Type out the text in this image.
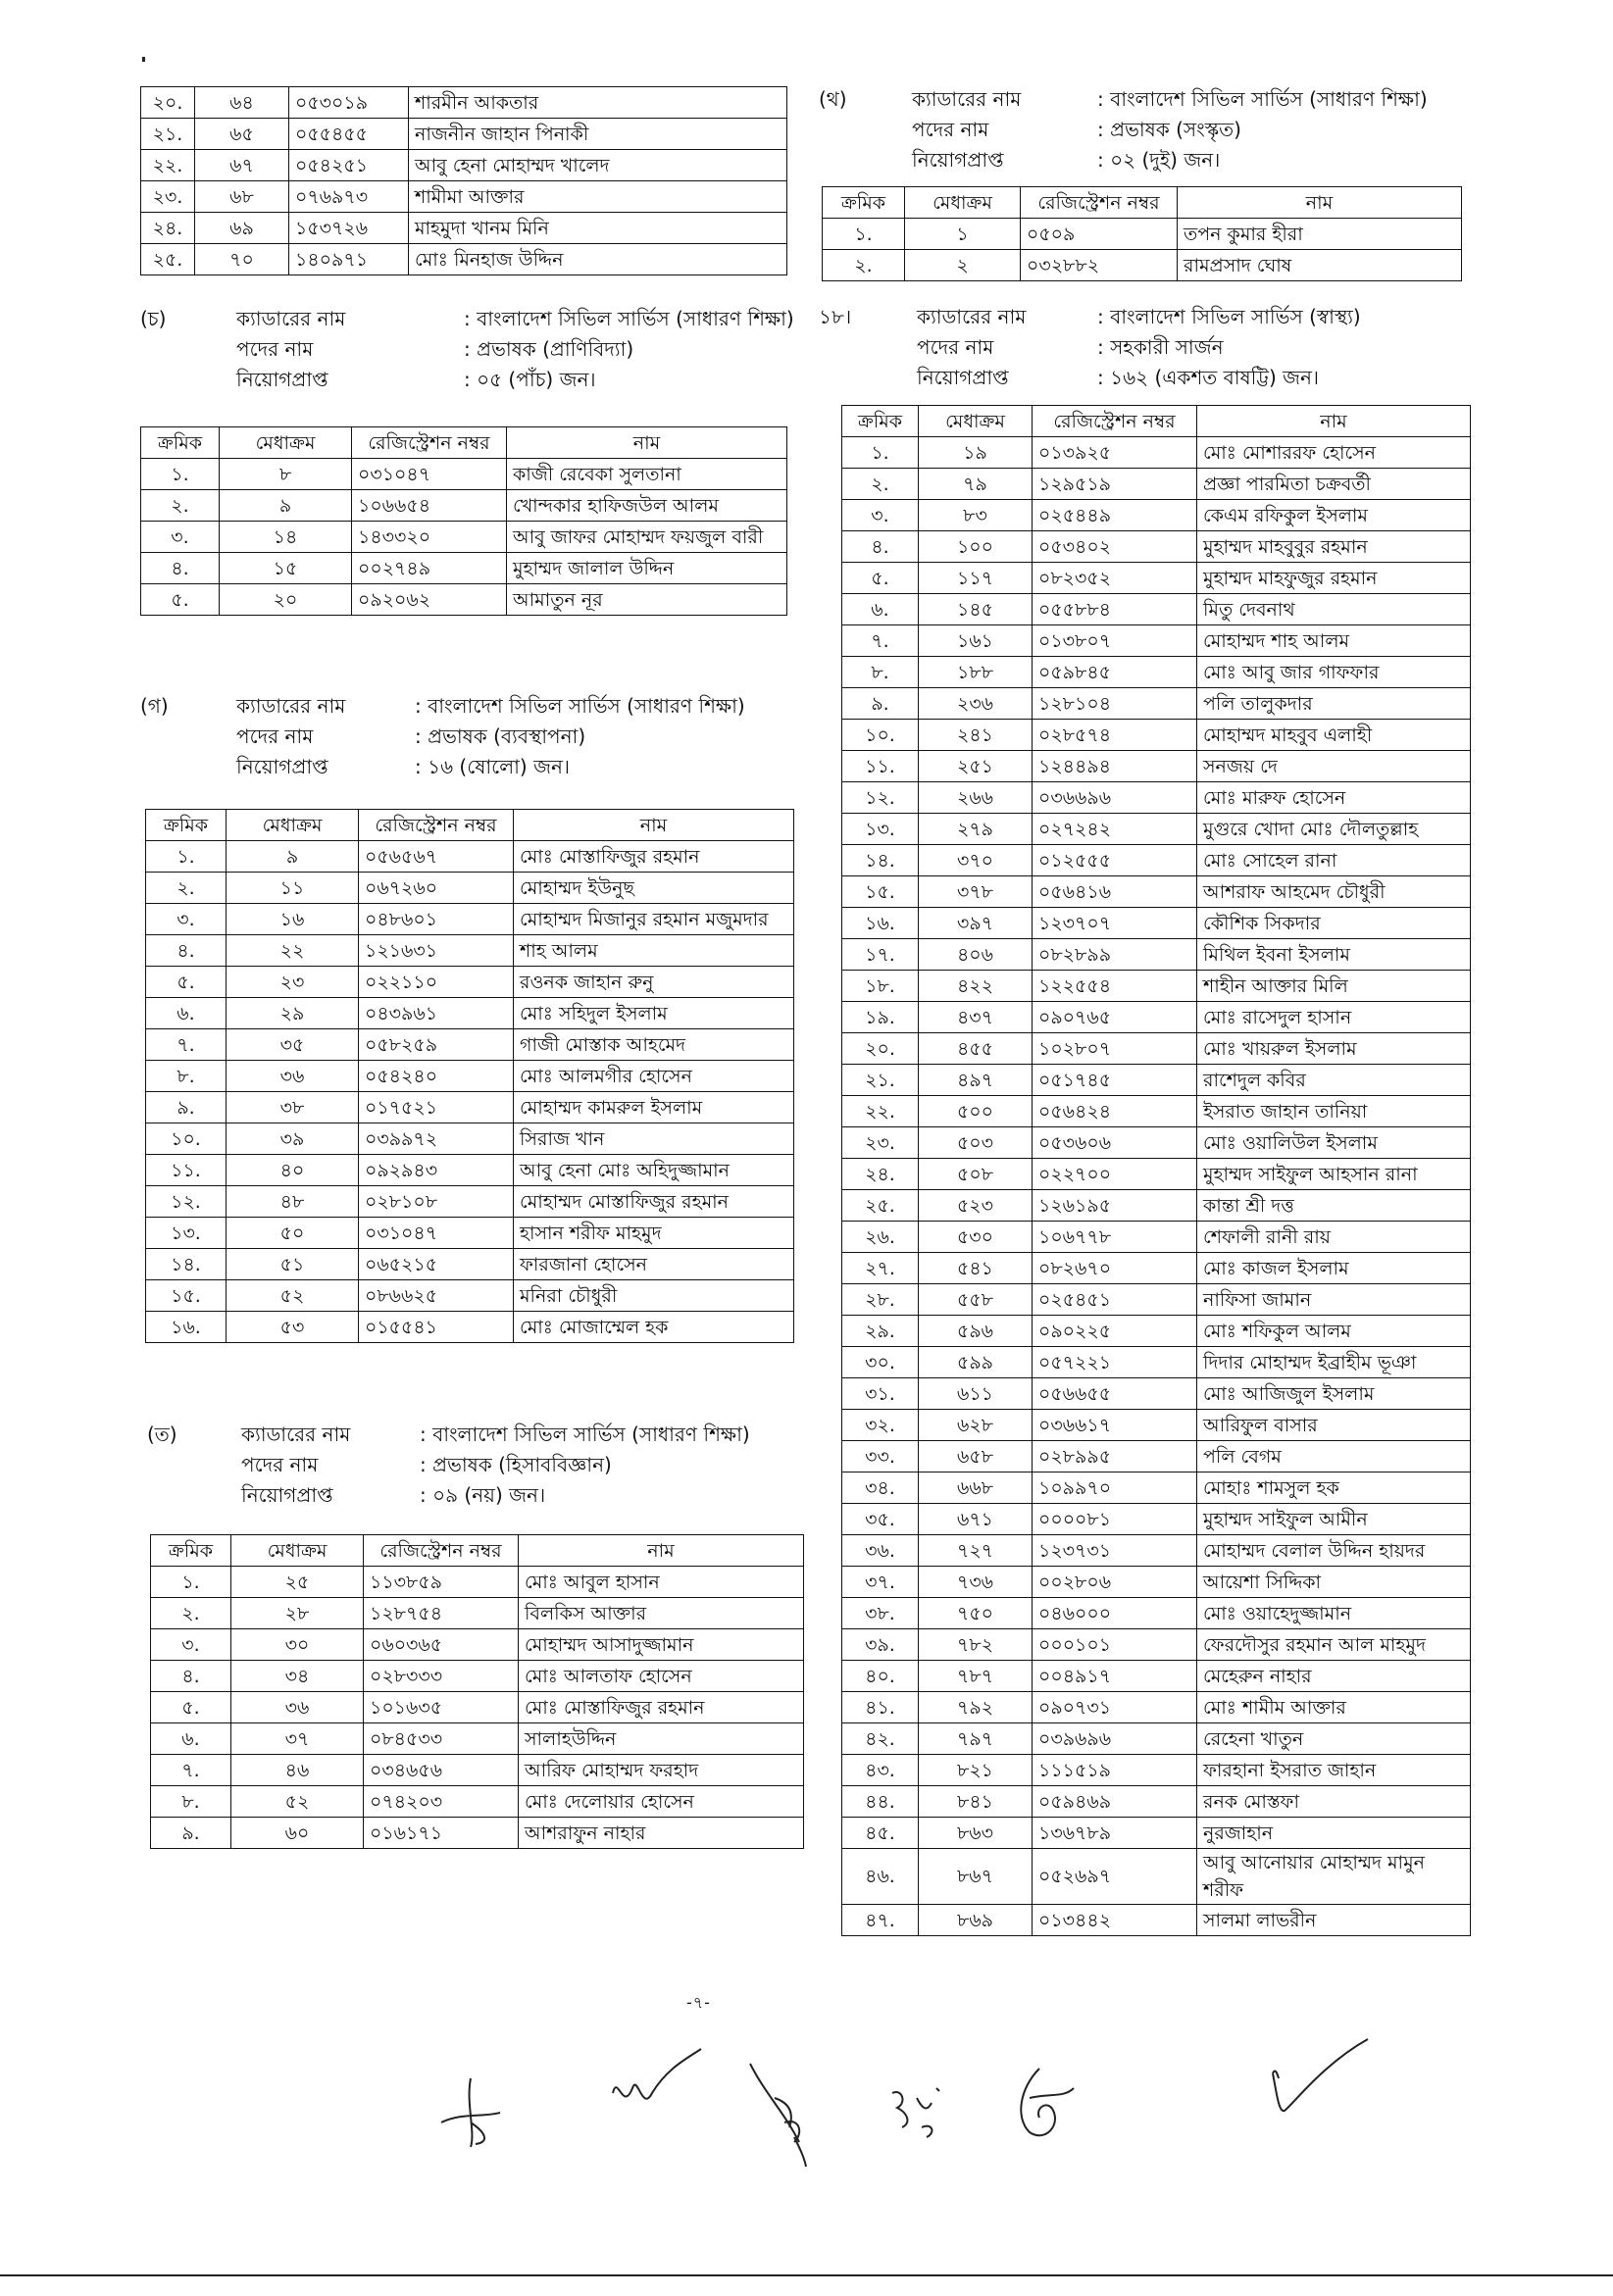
২০.	৬৪	০৫৩০১৯	শারমীন আকতার
২১.	৬৫	০৫৫৪৫৫	নাজনীন জাহান পিনাকী
২২.	৬৭	০৫৪২৫১	আবু হেনা মোহাম্মদ খালেদ
২৩.	৬৮	০৭৬৯৭৩	শামীমা আক্তার
২৪.	৬৯	১৫৩৭২৬	মাহমুদা খানম মিনি
২৫.	৭০	১৪০৯৭১	মোঃ মিনহাজ উদ্দিন
(চ)	ক্যাডারের নাম	: বাংলাদেশ সিভিল সার্ভিস (সাধারণ শিক্ষা)
পদের নাম	: প্রভাষক (প্রাণিবিদ্যা)
নিয়োগপ্রাপ্ত	: ০৫ (পাঁচ) জন।
ক্রমিক	মেধাক্রম	রেজিস্ট্রেশন নম্বর	নাম
১.	৮	০৩১০৪৭	কাজী রেবেকা সুলতানা
২.	৯	১০৬৬৫৪	খোন্দকার হাফিজউল আলম
৩.	১৪	১৪৩৩২০	আবু জাফর মোহাম্মদ ফয়জুল বারী
৪.	১৫	০০২৭৪৯	মুহাম্মদ জালাল উদ্দিন
৫.	২০	০৯২০৬২	আমাতুন নূর
(গ)	ক্যাডারের নাম	: বাংলাদেশ সিভিল সার্ভিস (সাধারণ শিক্ষা)
পদের নাম	: প্রভাষক (ব্যবস্থাপনা)
নিয়োগপ্রাপ্ত	: ১৬ (ষোলো) জন।
ক্রমিক	মেধাক্রম	রেজিস্ট্রেশন নম্বর	নাম
১.	৯	০৫৬৫৬৭	মোঃ মোস্তাফিজুর রহমান
২.	১১	০৬৭২৬০	মোহাম্মদ ইউনুছ
৩.	১৬	০৪৮৬০১	মোহাম্মদ মিজানুর রহমান মজুমদার
৪.	২২	১২১৬৩১	শাহ আলম
৫.	২৩	০২২১১০	রওনক জাহান রুনু
৬.	২৯	০৪৩৯৬১	মোঃ সহিদুল ইসলাম
৭.	৩৫	০৫৮২৫৯	গাজী মোস্তাক আহমেদ
৮.	৩৬	০৫৪২৪০	মোঃ আলমগীর হোসেন
৯.	৩৮	০১৭৫২১	মোহাম্মদ কামরুল ইসলাম
১০.	৩৯	০৩৯৯৭২	সিরাজ খান
১১.	৪০	০৯২৯৪৩	আবু হেনা মোঃ অহিদুজ্জামান
১২.	৪৮	০২৮১০৮	মোহাম্মদ মোস্তাফিজুর রহমান
১৩.	৫০	০৩১০৪৭	হাসান শরীফ মাহমুদ
১৪.	৫১	০৬৫২১৫	ফারজানা হোসেন
১৫.	৫২	০৮৬৬২৫	মনিরা চৌধুরী
১৬.	৫৩	০১৫৫৪১	মোঃ মোজাম্মেল হক
(ত)	ক্যাডারের নাম	: বাংলাদেশ সিভিল সার্ভিস (সাধারণ শিক্ষা)
পদের নাম	: প্রভাষক (হিসাববিজ্ঞান)
নিয়োগপ্রাপ্ত	: ০৯ (নয়) জন।
ক্রমিক	মেধাক্রম	রেজিস্ট্রেশন নম্বর	নাম
১.	২৫	১১৩৮৫৯	মোঃ আবুল হাসান
২.	২৮	১২৮৭৫৪	বিলকিস আক্তার
৩.	৩০	০৬০৩৬৫	মোহাম্মদ আসাদুজ্জামান
৪.	৩৪	০২৮৩৩৩	মোঃ আলতাফ হোসেন
৫.	৩৬	১০১৬৩৫	মোঃ মোস্তাফিজুর রহমান
৬.	৩৭	০৮৪৫৩৩	সালাহউদ্দিন
৭.	৪৬	০৩৪৬৫৬	আরিফ মোহাম্মদ ফরহাদ
৮.	৫২	০৭৪২০৩	মোঃ দেলোয়ার হোসেন
৯.	৬০	০১৬১৭১	আশরাফুন নাহার
(থ)	ক্যাডারের নাম	: বাংলাদেশ সিভিল সার্ভিস (সাধারণ শিক্ষা)
পদের নাম	: প্রভাষক (সংস্কৃত)
নিয়োগপ্রাপ্ত	: ০২ (দুই) জন।
ক্রমিক	মেধাক্রম	রেজিস্ট্রেশন নম্বর	নাম
১.	১	০৫০৯	তপন কুমার হীরা
২.	২	০৩২৮৮২	রামপ্রসাদ ঘোষ
১৮।	ক্যাডারের নাম	: বাংলাদেশ সিভিল সার্ভিস (স্বাস্থ্য)
পদের নাম	: সহকারী সার্জন
নিয়োগপ্রাপ্ত	: ১৬২ (একশত বাষট্টি) জন।
ক্রমিক	মেধাক্রম	রেজিস্ট্রেশন নম্বর	নাম
১.	১৯	০১৩৯২৫	মোঃ মোশাররফ হোসেন
২.	৭৯	১২৯৫১৯	প্রজ্ঞা পারমিতা চক্রবর্তী
৩.	৮৩	০২৫৪৪৯	কেএম রফিকুল ইসলাম
৪.	১০০	০৫৩৪০২	মুহাম্মদ মাহবুবুর রহমান
৫.	১১৭	০৮২৩৫২	মুহাম্মদ মাহফুজুর রহমান
৬.	১৪৫	০৫৫৮৮৪	মিতু দেবনাথ
৭.	১৬১	০১৩৮০৭	মোহাম্মদ শাহ আলম
৮.	১৮৮	০৫৯৮৪৫	মোঃ আবু জার গাফফার
৯.	২৩৬	১২৮১০৪	পলি তালুকদার
১০.	২৪১	০২৮৫৭৪	মোহাম্মদ মাহবুব এলাহী
১১.	২৫১	১২৪৪৯৪	সনজয় দে
১২.	২৬৬	০৩৬৬৯৬	মোঃ মারুফ হোসেন
১৩.	২৭৯	০২৭২৪২	মুগুরে খোদা মোঃ দৌলতুল্লাহ
১৪.	৩৭০	০১২৫৫৫	মোঃ সোহেল রানা
১৫.	৩৭৮	০৫৬৪১৬	আশরাফ আহমেদ চৌধুরী
১৬.	৩৯৭	১২৩৭০৭	কৌশিক সিকদার
১৭.	৪০৬	০৮২৮৯৯	মিথিল ইবনা ইসলাম
১৮.	৪২২	১২২৫৫৪	শাহীন আক্তার মিলি
১৯.	৪৩৭	০৯০৭৬৫	মোঃ রাসেদুল হাসান
২০.	৪৫৫	১০২৮০৭	মোঃ খায়রুল ইসলাম
২১.	৪৯৭	০৫১৭৪৫	রাশেদুল কবির
২২.	৫০০	০৫৬৪২৪	ইসরাত জাহান তানিয়া
২৩.	৫০৩	০৫৩৬০৬	মোঃ ওয়ালিউল ইসলাম
২৪.	৫০৮	০২২৭০০	মুহাম্মদ সাইফুল আহসান রানা
২৫.	৫২৩	১২৬১৯৫	কান্তা শ্রী দত্ত
২৬.	৫৩০	১০৬৭৭৮	শেফালী রানী রায়
২৭.	৫৪১	০৮২৬৭০	মোঃ কাজল ইসলাম
২৮.	৫৫৮	০২৫৪৫১	নাফিসা জামান
২৯.	৫৯৬	০৯০২২৫	মোঃ শফিকুল আলম
৩০.	৫৯৯	০৫৭২২১	দিদার মোহাম্মদ ইব্রাহীম ভূঞা
৩১.	৬১১	০৫৬৬৫৫	মোঃ আজিজুল ইসলাম
৩২.	৬২৮	০৩৬৬১৭	আরিফুল বাসার
৩৩.	৬৫৮	০২৮৯৯৫	পলি বেগম
৩৪.	৬৬৮	১০৯৯৭০	মোহাঃ শামসুল হক
৩৫.	৬৭১	০০০০৮১	মুহাম্মদ সাইফুল আমীন
৩৬.	৭২৭	১২৩৭৩১	মোহাম্মদ বেলাল উদ্দিন হায়দর
৩৭.	৭৩৬	০০২৮০৬	আয়েশা সিদ্দিকা
৩৮.	৭৫০	০৪৬০০০	মোঃ ওয়াহেদুজ্জামান
৩৯.	৭৮২	০০০১০১	ফেরদৌসুর রহমান আল মাহমুদ
৪০.	৭৮৭	০০৪৯১৭	মেহেরুন নাহার
৪১.	৭৯২	০৯০৭৩১	মোঃ শামীম আক্তার
৪২.	৭৯৭	০৩৯৬৯৬	রেহেনা খাতুন
৪৩.	৮২১	১১১৫১৯	ফারহানা ইসরাত জাহান
৪৪.	৮৪১	০৫৯৪৬৯	রনক মোস্তফা
৪৫.	৮৬৩	১৩৬৭৮৯	নুরজাহান
৪৬.	৮৬৭	০৫২৬৯৭	আবু আনোয়ার মোহাম্মদ মামুন শরীফ
৪৭.	৮৬৯	০১৩৪৪২	সালমা লাভরীন
-৭-
